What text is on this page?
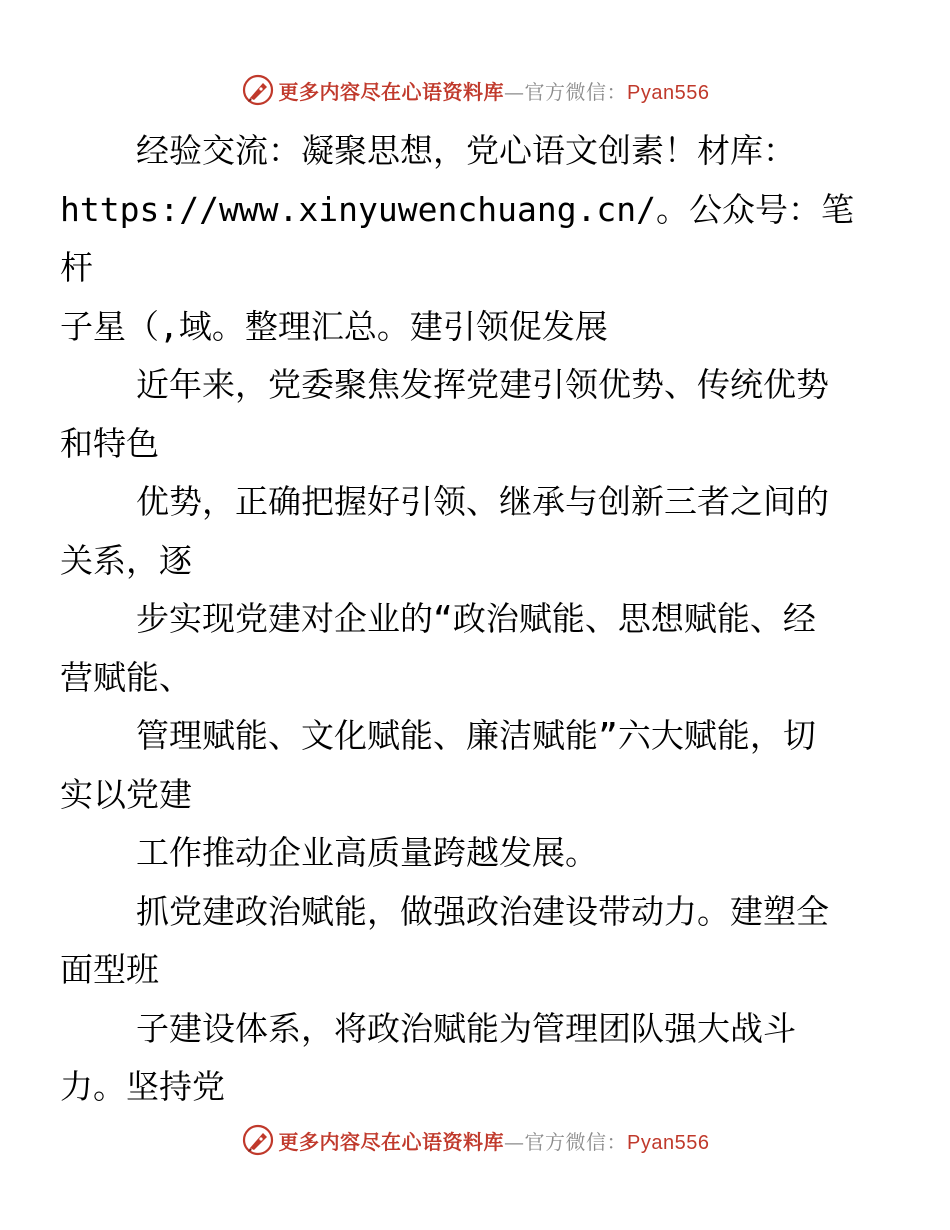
更多内容尽在心语资料库—官方微信：Pyan556

经验交流：凝聚思想，党心语文创素！材库：
https://www.xinyuwenchuang.cn/。公众号：笔杆
子星（,域。整理汇总。建引领促发展

近年来，党委聚焦发挥党建引领优势、传统优势
和特色

优势，正确把握好引领、继承与创新三者之间的
关系，逐

步实现党建对企业的“政治赋能、思想赋能、经
营赋能、

管理赋能、文化赋能、廉洁赋能”六大赋能，切
实以党建

工作推动企业高质量跨越发展。

抓党建政治赋能，做强政治建设带动力。建塑全
面型班

子建设体系，将政治赋能为管理团队强大战斗
力。坚持党

更多内容尽在心语资料库—官方微信：Pyan556
